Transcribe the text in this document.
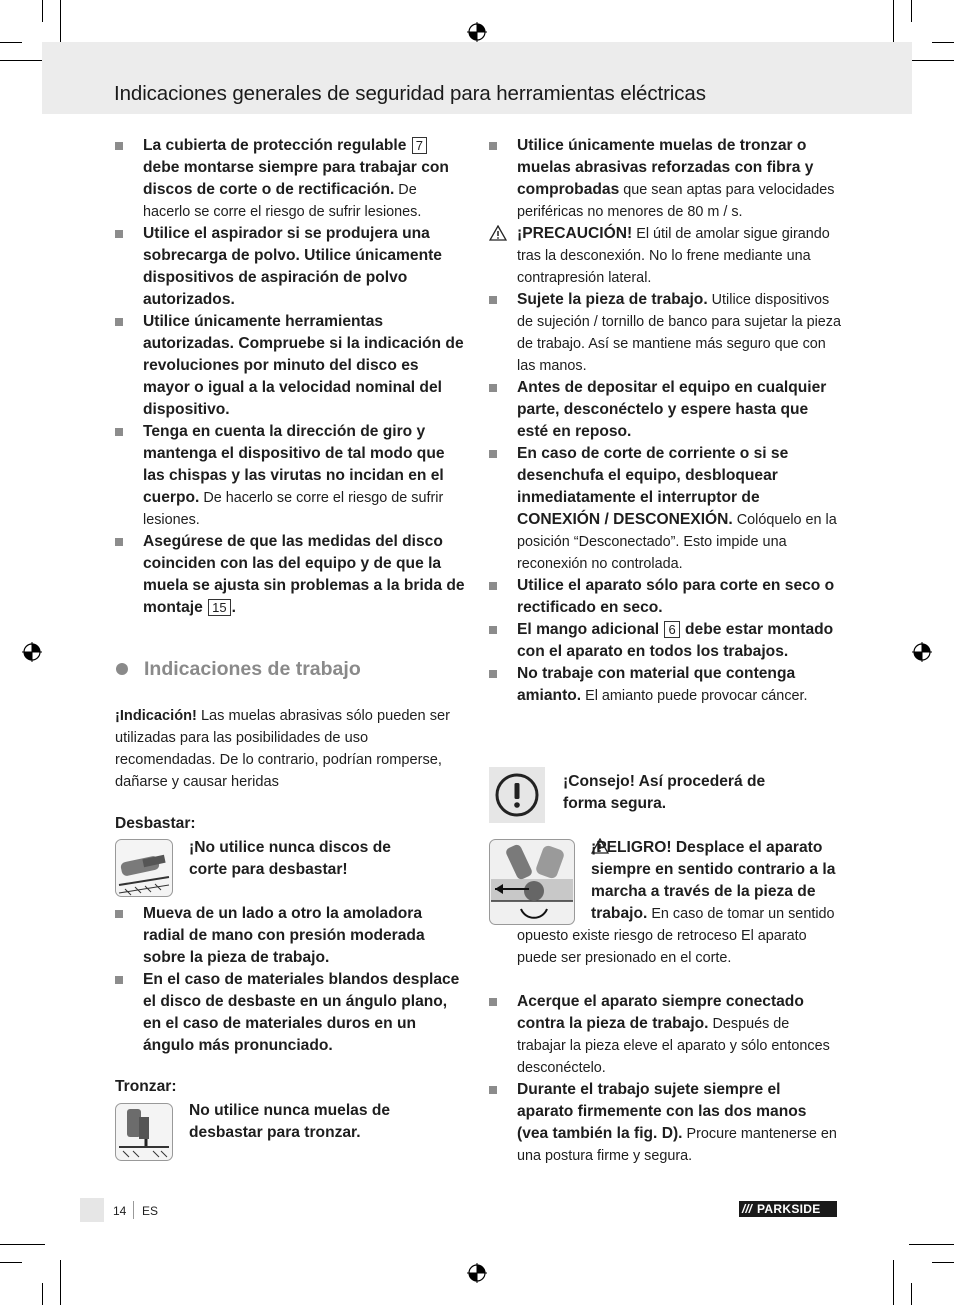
Indicaciones generales de seguridad para herramientas eléctricas
La cubierta de protección regulable 7 debe montarse siempre para trabajar con discos de corte o de rectificación. De hacerlo se corre el riesgo de sufrir lesiones.
Utilice el aspirador si se produjera una sobrecarga de polvo. Utilice únicamente dispositivos de aspiración de polvo autorizados.
Utilice únicamente herramientas autorizadas. Compruebe si la indicación de revoluciones por minuto del disco es mayor o igual a la velocidad nominal del dispositivo.
Tenga en cuenta la dirección de giro y mantenga el dispositivo de tal modo que las chispas y las virutas no incidan en el cuerpo. De hacerlo se corre el riesgo de sufrir lesiones.
Asegúrese de que las medidas del disco coinciden con las del equipo y de que la muela se ajusta sin problemas a la brida de montaje 15 .
Indicaciones de trabajo
¡Indicación! Las muelas abrasivas sólo pueden ser utilizadas para las posibilidades de uso recomendadas. De lo contrario, podrían romperse, dañarse y causar heridas
Desbastar:
¡No utilice nunca discos de corte para desbastar!
Mueva de un lado a otro la amoladora radial de mano con presión moderada sobre la pieza de trabajo.
En el caso de materiales blandos desplace el disco de desbaste en un ángulo plano, en el caso de materiales duros en un ángulo más pronunciado.
Tronzar:
No utilice nunca muelas de desbastar para tronzar.
Utilice únicamente muelas de tronzar o muelas abrasivas reforzadas con fibra y comprobadas que sean aptas para velocidades periféricas no menores de 80 m / s.
¡PRECAUCIÓN! El útil de amolar sigue girando tras la desconexión. No lo frene mediante una contrapresión lateral.
Sujete la pieza de trabajo. Utilice dispositivos de sujeción / tornillo de banco para sujetar la pieza de trabajo. Así se mantiene más seguro que con las manos.
Antes de depositar el equipo en cualquier parte, desconéctelo y espere hasta que esté en reposo.
En caso de corte de corriente o si se desenchufa el equipo, desbloquear inmediatamente el interruptor de CONEXIÓN / DESCONEXIÓN. Colóquelo en la posición “Desconectado”. Esto impide una reconexión no controlada.
Utilice el aparato sólo para corte en seco o rectificado en seco.
El mango adicional 6 debe estar montado con el aparato en todos los trabajos.
No trabaje con material que contenga amianto. El amianto puede provocar cáncer.
¡Consejo! Así procederá de forma segura.
¡PELIGRO! Desplace el aparato siempre en sentido contrario a la marcha a través de la pieza de trabajo. En caso de tomar un sentido opuesto existe riesgo de retroceso El aparato puede ser presionado en el corte.
Acerque el aparato siempre conectado contra la pieza de trabajo. Después de trabajar la pieza eleve el aparato y sólo entonces desconéctelo.
Durante el trabajo sujete siempre el aparato firmemente con las dos manos (vea también la fig. D). Procure mantenerse en una postura firme y segura.
14 ES	/// PARKSIDE
